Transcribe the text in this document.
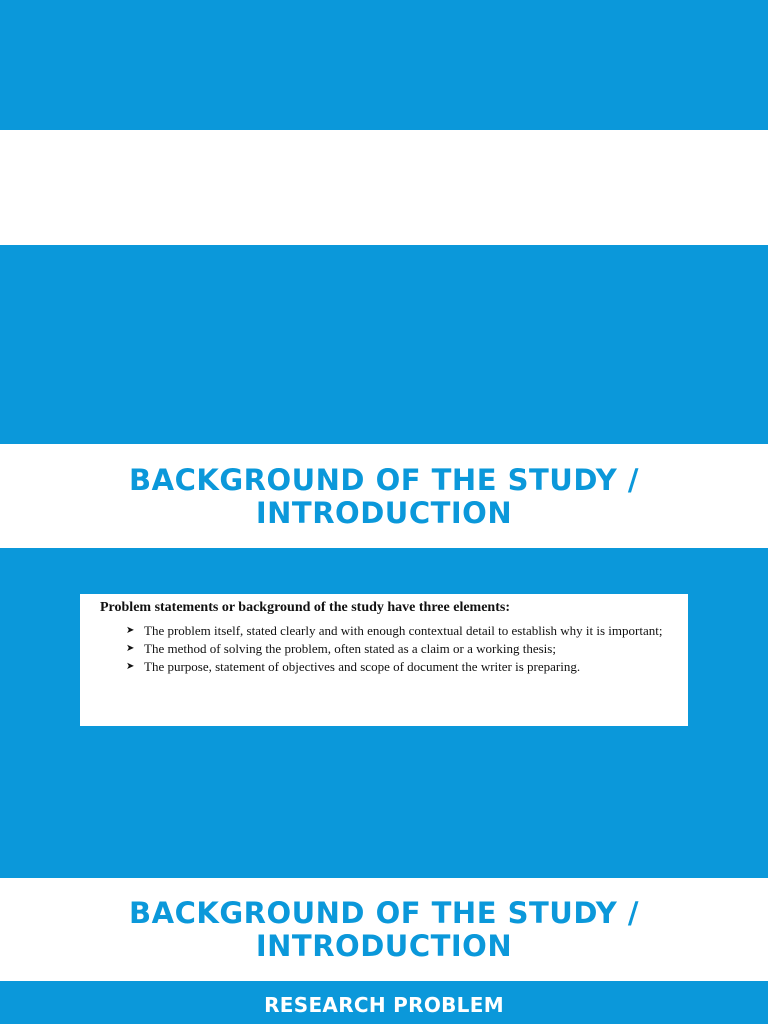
BACKGROUND OF THE STUDY /
INTRODUCTION

Problem statements or background of the study have three elements:

➤ The problem itself, stated clearly and with enough contextual detail to establish why it is important;
➤ The method of solving the problem, often stated as a claim or a working thesis;
➤ The purpose, statement of objectives and scope of document the writer is preparing.
BACKGROUND OF THE STUDY /
INTRODUCTION
RESEARCH PROBLEM
